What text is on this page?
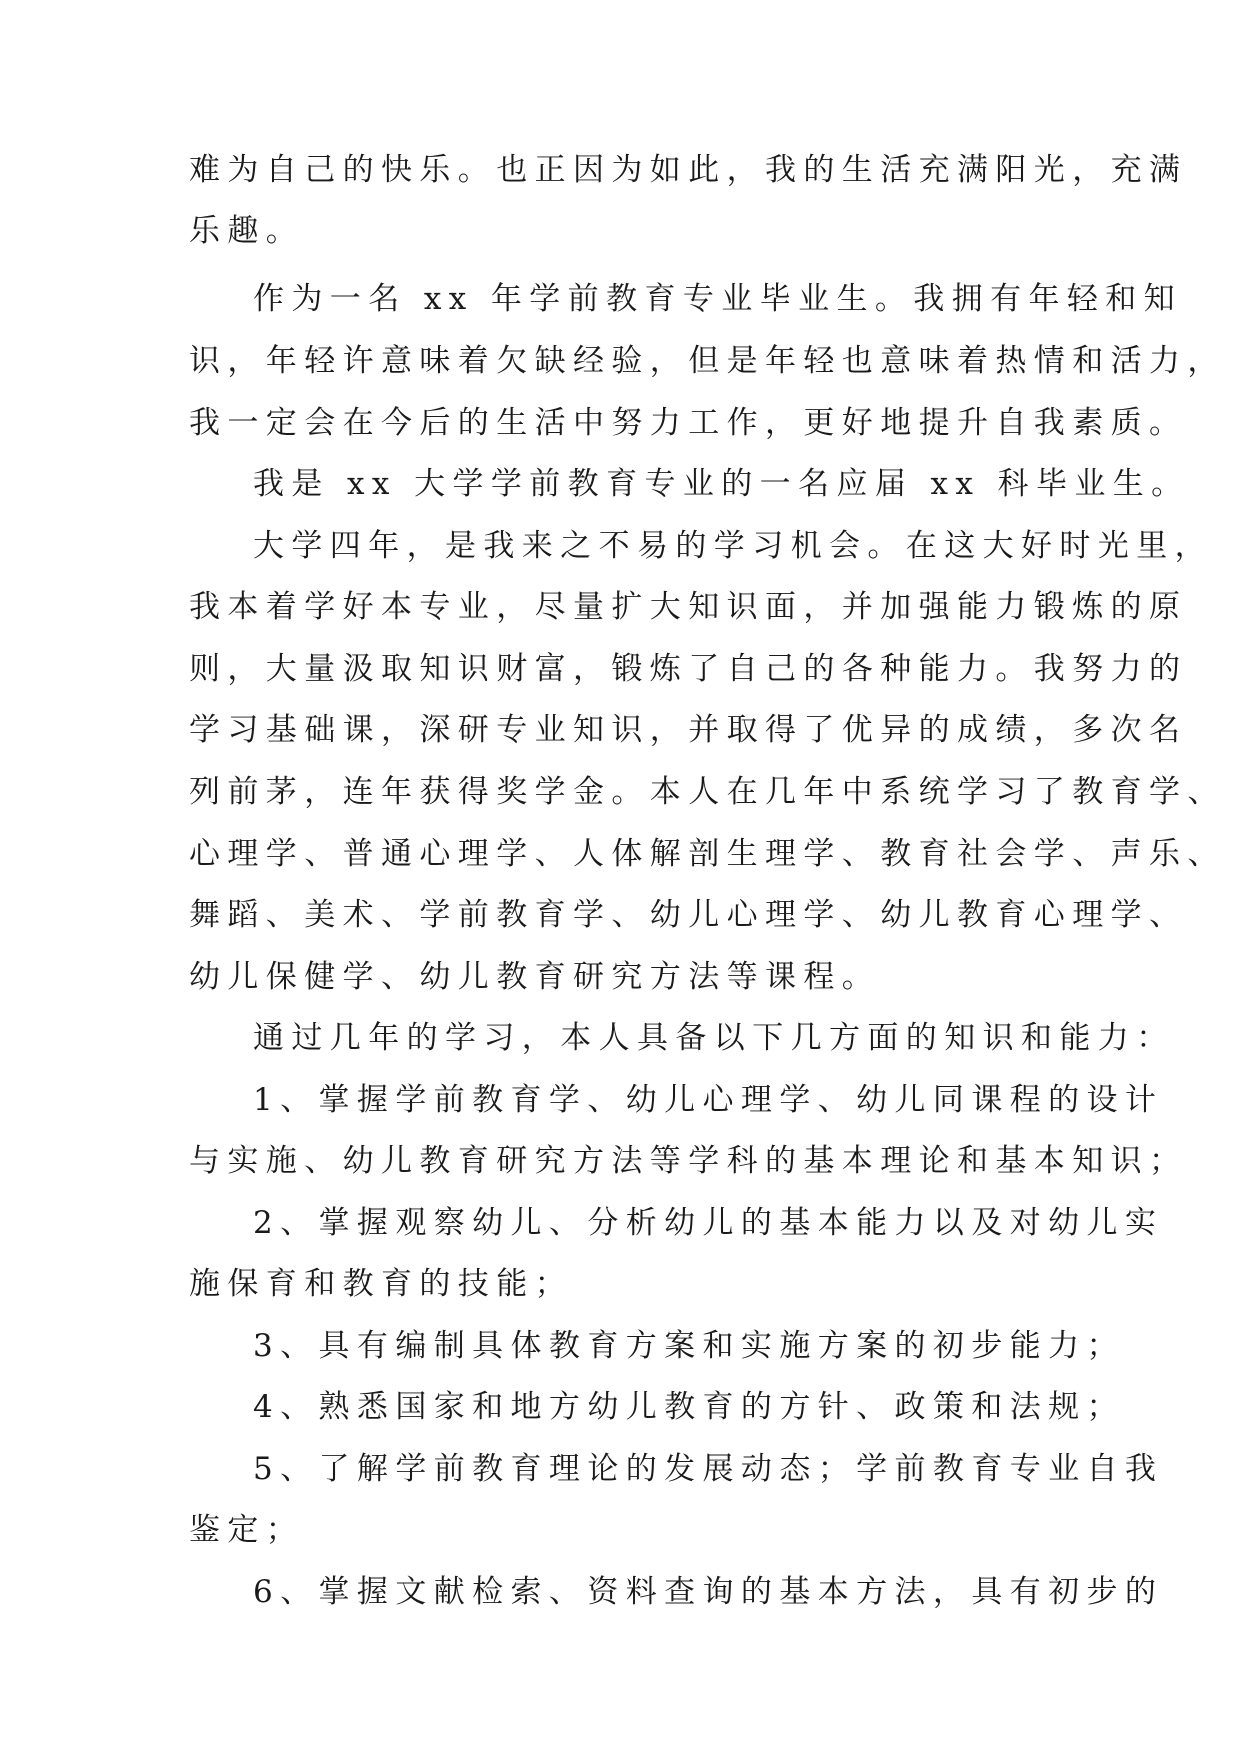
难为自己的快乐。也正因为如此，我的生活充满阳光，充满
乐趣。
作为一名 xx 年学前教育专业毕业生。我拥有年轻和知
识，年轻许意味着欠缺经验，但是年轻也意味着热情和活力，
我一定会在今后的生活中努力工作，更好地提升自我素质。
我是 xx 大学学前教育专业的一名应届 xx 科毕业生。
大学四年，是我来之不易的学习机会。在这大好时光里，
我本着学好本专业，尽量扩大知识面，并加强能力锻炼的原
则，大量汲取知识财富，锻炼了自己的各种能力。我努力的
学习基础课，深研专业知识，并取得了优异的成绩，多次名
列前茅，连年获得奖学金。本人在几年中系统学习了教育学、
心理学、普通心理学、人体解剖生理学、教育社会学、声乐、
舞蹈、美术、学前教育学、幼儿心理学、幼儿教育心理学、
幼儿保健学、幼儿教育研究方法等课程。
通过几年的学习，本人具备以下几方面的知识和能力：
1、掌握学前教育学、幼儿心理学、幼儿同课程的设计
与实施、幼儿教育研究方法等学科的基本理论和基本知识；
2、掌握观察幼儿、分析幼儿的基本能力以及对幼儿实
施保育和教育的技能；
3、具有编制具体教育方案和实施方案的初步能力；
4、熟悉国家和地方幼儿教育的方针、政策和法规；
5、了解学前教育理论的发展动态；学前教育专业自我
鉴定；
6、掌握文献检索、资料查询的基本方法，具有初步的
